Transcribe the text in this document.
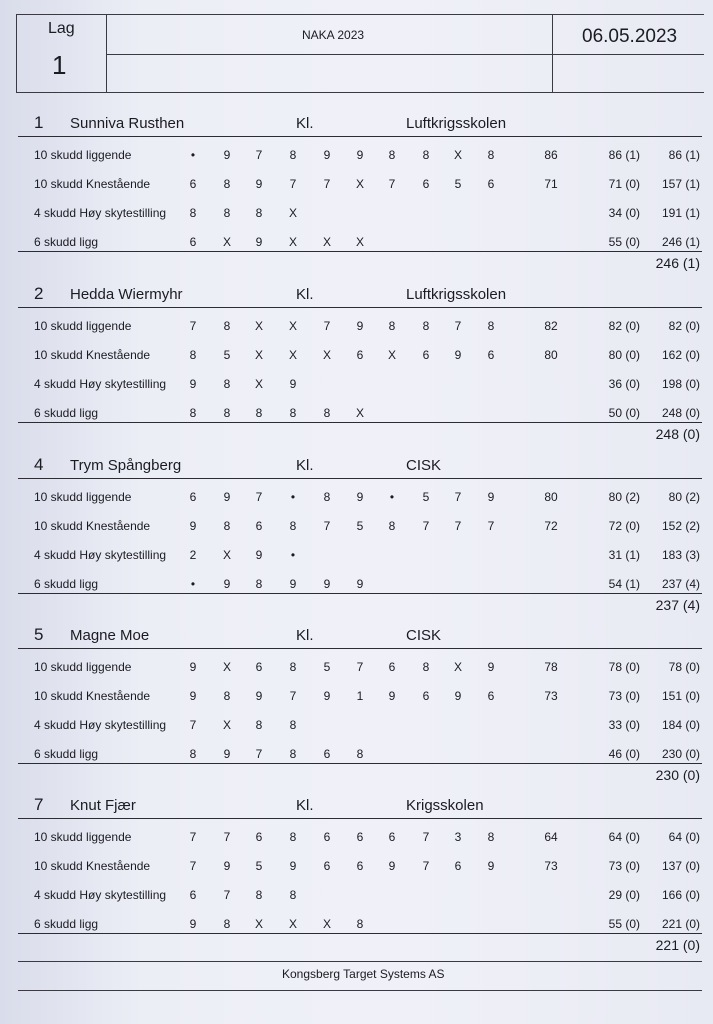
Lag
1
NAKA 2023	06.05.2023
1 Sunniva Rusthen	Kl.	Luftkrigsskolen
10 skudd liggende	•	9	7	8	9	9	8	8	X	8	86	86 (1)	86 (1)
10 skudd Knestående	6	8	9	7	7	X	7	6	5	6	71	71 (0)	157 (1)
4 skudd Høy skytestilling	8	8	8	X	34 (0)	191 (1)
6 skudd ligg	6	X	9	X	X	X	55 (0)	246 (1)
246 (1)
2 Hedda Wiermyhr	Kl.	Luftkrigsskolen
10 skudd liggende	7	8	X	X	7	9	8	8	7	8	82	82 (0)	82 (0)
10 skudd Knestående	8	5	X	X	X	6	X	6	9	6	80	80 (0)	162 (0)
4 skudd Høy skytestilling	9	8	X	9	36 (0)	198 (0)
6 skudd ligg	8	8	8	8	8	X	50 (0)	248 (0)
248 (0)
4 Trym Spångberg	Kl.	CISK
10 skudd liggende	6	9	7	•	8	9	•	5	7	9	80	80 (2)	80 (2)
10 skudd Knestående	9	8	6	8	7	5	8	7	7	7	72	72 (0)	152 (2)
4 skudd Høy skytestilling	2	X	9	•	31 (1)	183 (3)
6 skudd ligg	•	9	8	9	9	9	54 (1)	237 (4)
237 (4)
5 Magne Moe	Kl.	CISK
10 skudd liggende	9	X	6	8	5	7	6	8	X	9	78	78 (0)	78 (0)
10 skudd Knestående	9	8	9	7	9	1	9	6	9	6	73	73 (0)	151 (0)
4 skudd Høy skytestilling	7	X	8	8	33 (0)	184 (0)
6 skudd ligg	8	9	7	8	6	8	46 (0)	230 (0)
230 (0)
7 Knut Fjær	Kl.	Krigsskolen
10 skudd liggende	7	7	6	8	6	6	6	7	3	8	64	64 (0)	64 (0)
10 skudd Knestående	7	9	5	9	6	6	9	7	6	9	73	73 (0)	137 (0)
4 skudd Høy skytestilling	6	7	8	8	29 (0)	166 (0)
6 skudd ligg	9	8	X	X	X	8	55 (0)	221 (0)
221 (0)
Kongsberg Target Systems AS
